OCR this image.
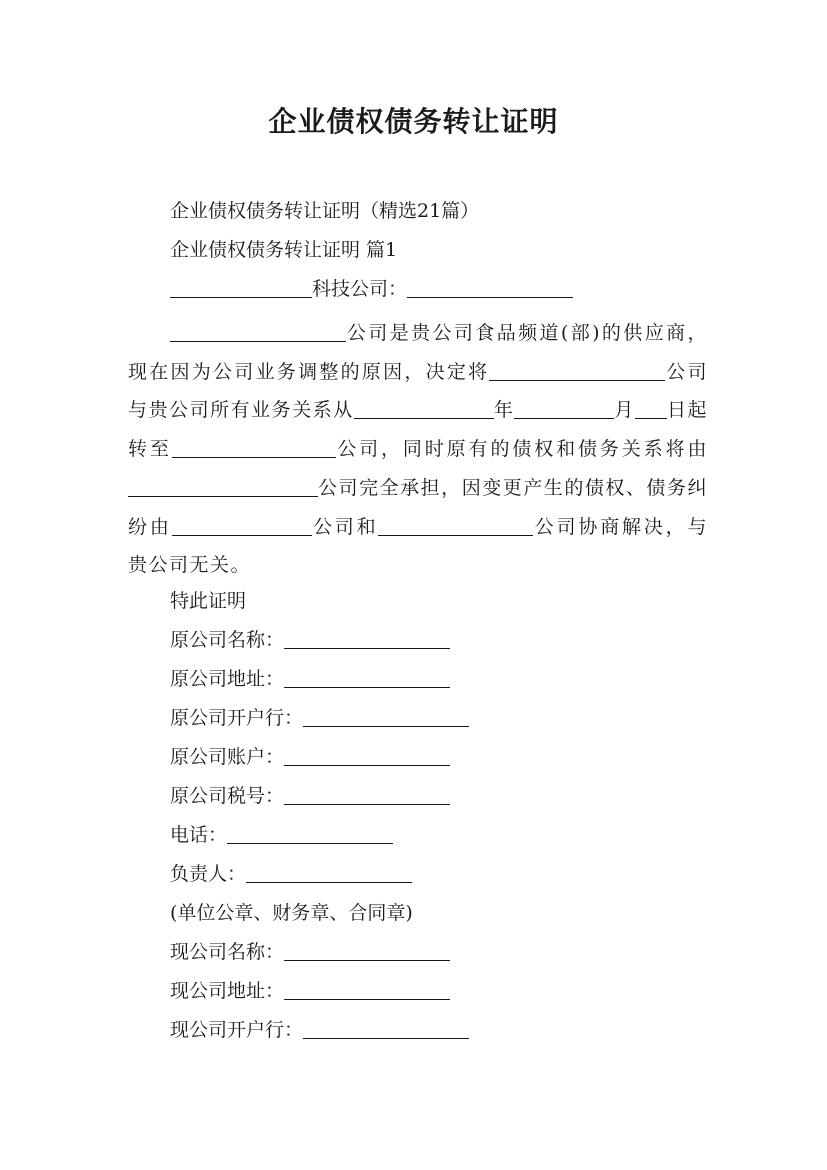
企业债权债务转让证明
企业债权债务转让证明（精选21篇）
企业债权债务转让证明 篇1
科技公司：
公司是贵公司食品频道(部)的供应商，现在因为公司业务调整的原因，决定将	公司与贵公司所有业务关系从	年	月 日起转至	公司，同时原有的债权和债务关系将由公司完全承担，因变更产生的债权、债务纠纷由	公司和	公司协商解决，与贵公司无关。
特此证明
原公司名称：
原公司地址：
原公司开户行：
原公司账户：
原公司税号：
电话：
负责人：
(单位公章、财务章、合同章)
现公司名称：
现公司地址：
现公司开户行：
